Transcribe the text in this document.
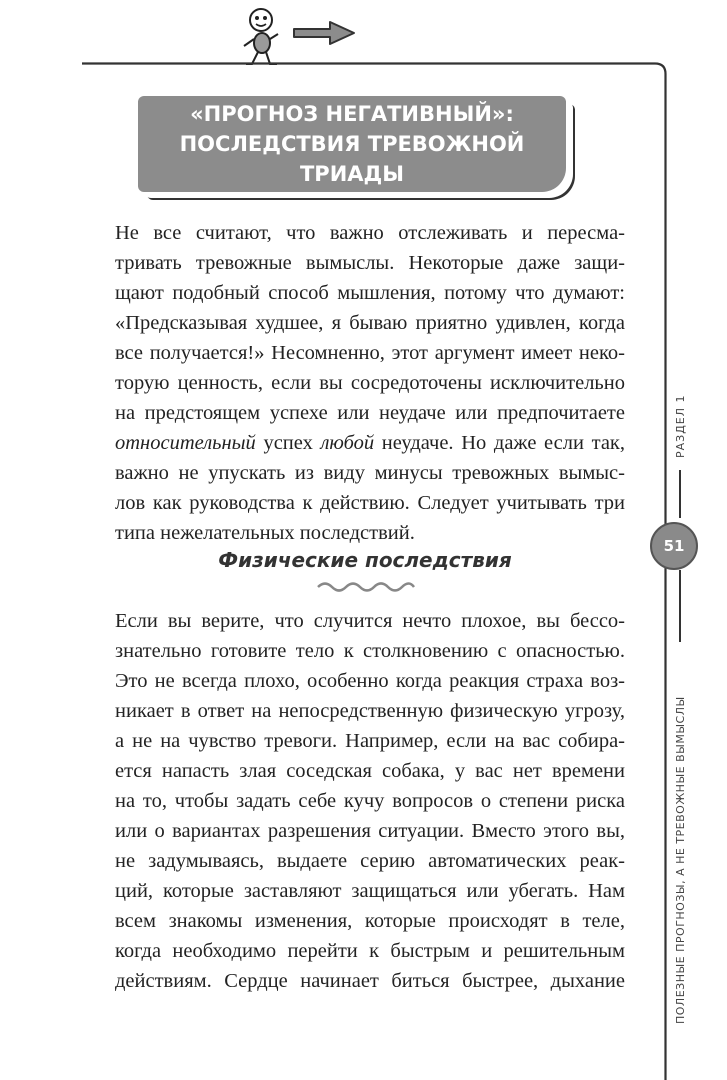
«ПРОГНОЗ НЕГАТИВНЫЙ»:
ПОСЛЕДСТВИЯ ТРЕВОЖНОЙ
ТРИАДЫ

Не все считают, что важно отслеживать и пересма-
тривать тревожные вымыслы. Некоторые даже защи-
щают подобный способ мышления, потому что думают:
«Предсказывая худшее, я бываю приятно удивлен, когда
все получается!» Несомненно, этот аргумент имеет неко-
торую ценность, если вы сосредоточены исключительно
на предстоящем успехе или неудаче или предпочитаете
относительный успех любой неудаче. Но даже если так,
важно не упускать из виду минусы тревожных вымыс-
лов как руководства к действию. Следует учитывать три
типа нежелательных последствий.

Физические последствия

Если вы верите, что случится нечто плохое, вы бессо-
знательно готовите тело к столкновению с опасностью.
Это не всегда плохо, особенно когда реакция страха воз-
никает в ответ на непосредственную физическую угрозу,
а не на чувство тревоги. Например, если на вас собира-
ется напасть злая соседская собака, у вас нет времени
на то, чтобы задать себе кучу вопросов о степени риска
или о вариантах разрешения ситуации. Вместо этого вы,
не задумываясь, выдаете серию автоматических реак-
ций, которые заставляют защищаться или убегать. Нам
всем знакомы изменения, которые происходят в теле,
когда необходимо перейти к быстрым и решительным
действиям. Сердце начинает биться быстрее, дыхание

РАЗДЕЛ 1
51
ПОЛЕЗНЫЕ ПРОГНОЗЫ, А НЕ ТРЕВОЖНЫЕ ВЫМЫСЛЫ
